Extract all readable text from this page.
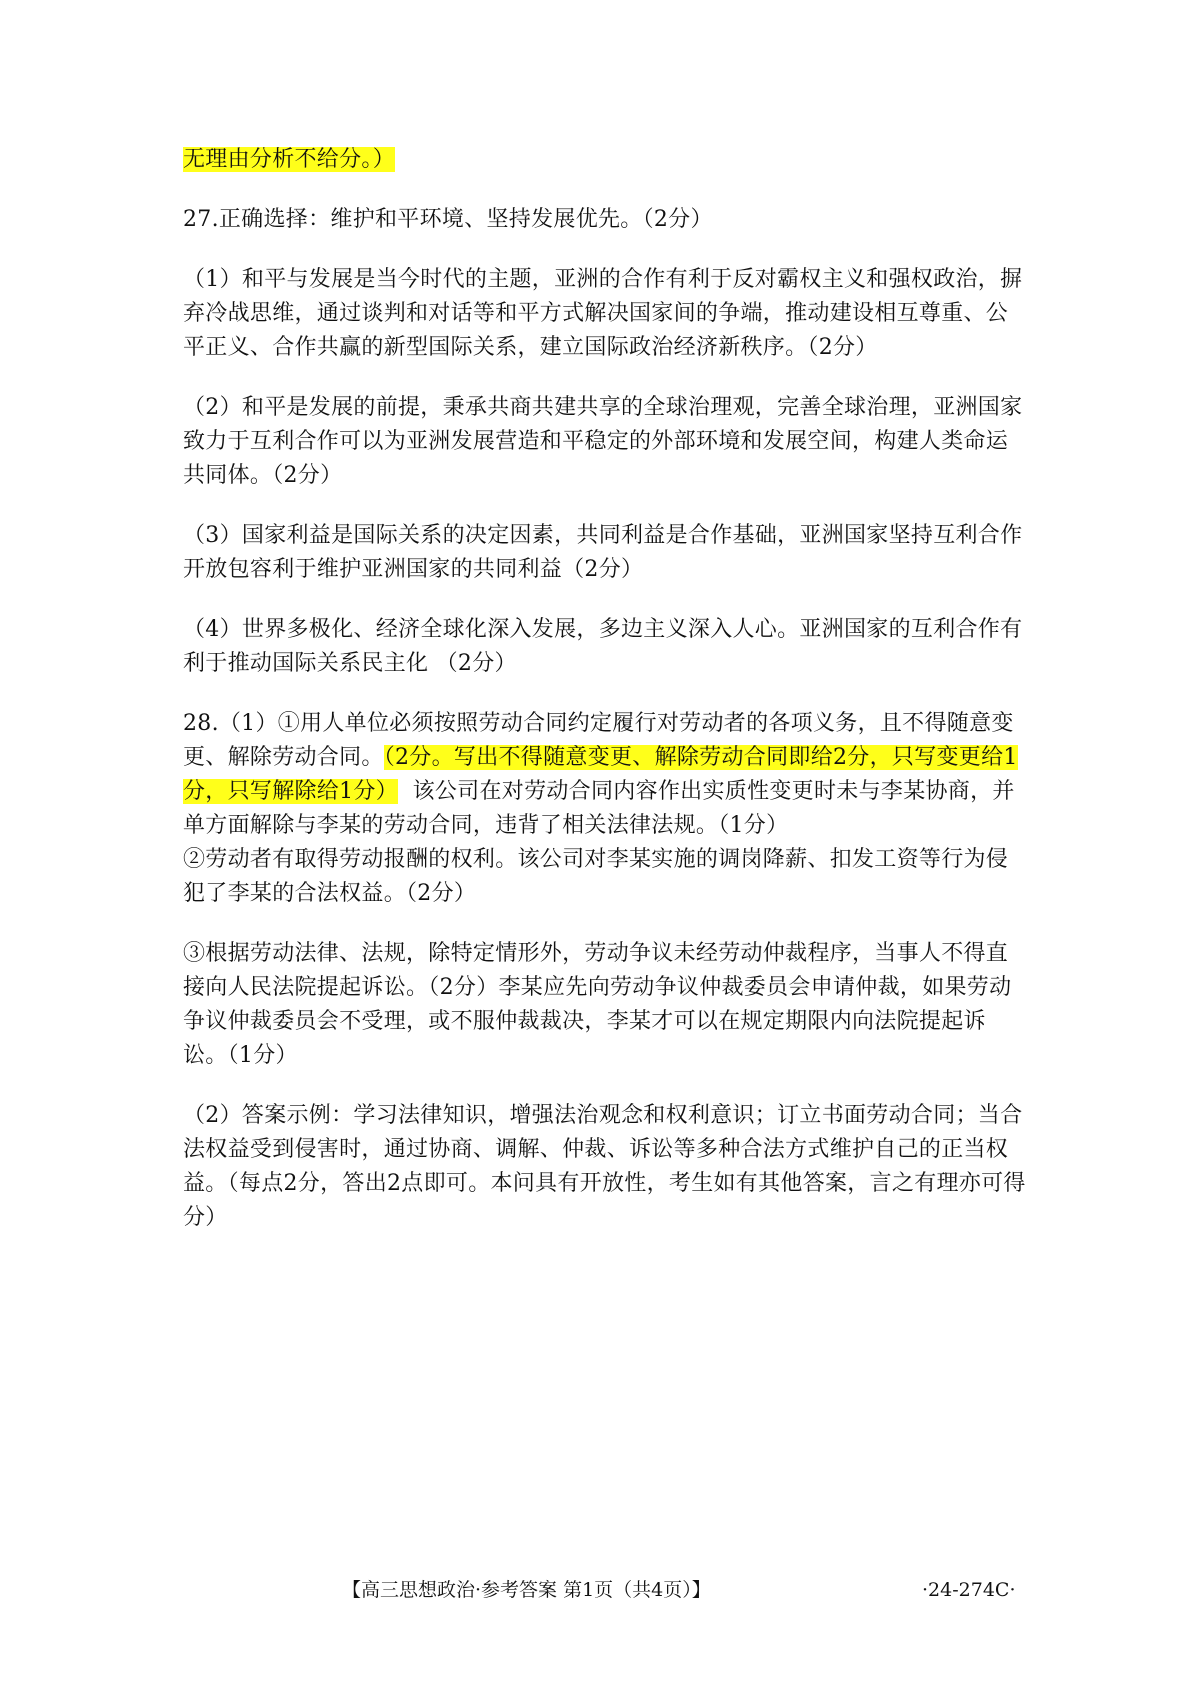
无理由分析不给分。）

27.正确选择：维护和平环境、坚持发展优先。（2分）

（1）和平与发展是当今时代的主题，亚洲的合作有利于反对霸权主义和强权政治，摒弃冷战思维，通过谈判和对话等和平方式解决国家间的争端，推动建设相互尊重、公平正义、合作共赢的新型国际关系，建立国际政治经济新秩序。（2分）

（2）和平是发展的前提，秉承共商共建共享的全球治理观，完善全球治理，亚洲国家致力于互利合作可以为亚洲发展营造和平稳定的外部环境和发展空间，构建人类命运共同体。（2分）

（3）国家利益是国际关系的决定因素，共同利益是合作基础，亚洲国家坚持互利合作开放包容利于维护亚洲国家的共同利益（2分）

（4）世界多极化、经济全球化深入发展，多边主义深入人心。亚洲国家的互利合作有利于推动国际关系民主化 （2分）

28.（1）①用人单位必须按照劳动合同约定履行对劳动者的各项义务，且不得随意变更、解除劳动合同。（2分。写出不得随意变更、解除劳动合同即给2分，只写变更给1分，只写解除给1分）  该公司在对劳动合同内容作出实质性变更时未与李某协商，并单方面解除与李某的劳动合同，违背了相关法律法规。（1分）

②劳动者有取得劳动报酬的权利。该公司对李某实施的调岗降薪、扣发工资等行为侵犯了李某的合法权益。（2分）

③根据劳动法律、法规，除特定情形外，劳动争议未经劳动仲裁程序，当事人不得直接向人民法院提起诉讼。（2分）李某应先向劳动争议仲裁委员会申请仲裁，如果劳动争议仲裁委员会不受理，或不服仲裁裁决，李某才可以在规定期限内向法院提起诉讼。（1分）

（2）答案示例：学习法律知识，增强法治观念和权利意识；订立书面劳动合同；当合法权益受到侵害时，通过协商、调解、仲裁、诉讼等多种合法方式维护自己的正当权益。（每点2分，答出2点即可。本问具有开放性，考生如有其他答案，言之有理亦可得分）

【高三思想政治·参考答案 第1页（共4页）】	·24-274C·
